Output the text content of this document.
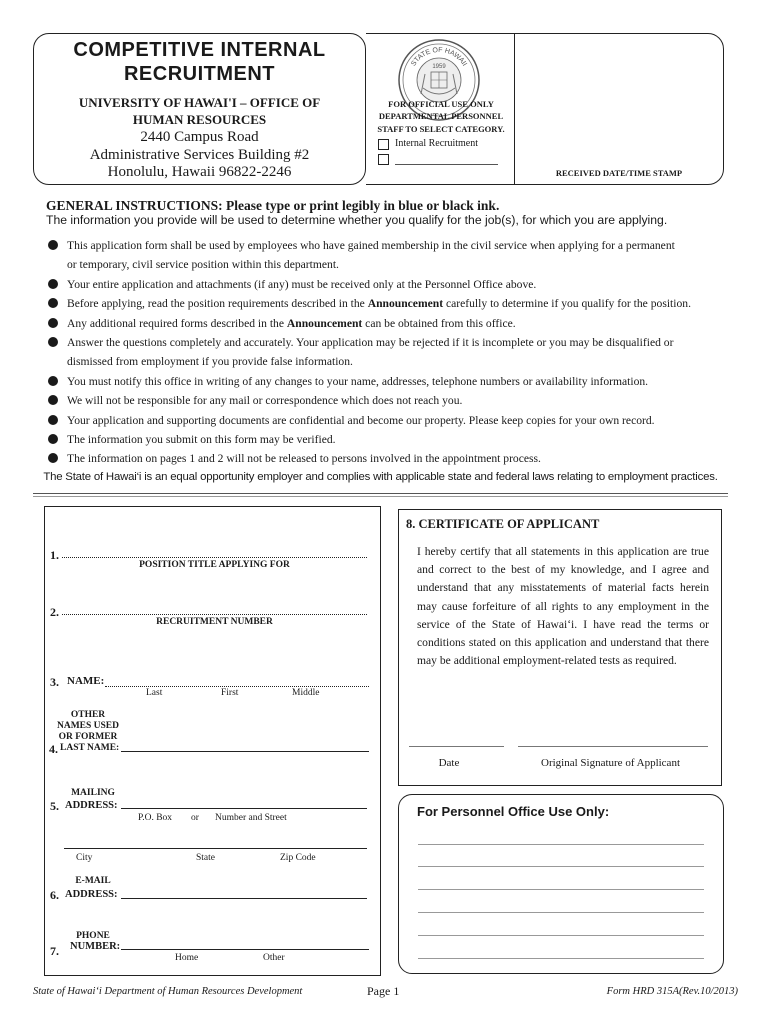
COMPETITIVE INTERNAL
RECRUITMENT
UNIVERSITY OF HAWAI'I – OFFICE OF
HUMAN RESOURCES
2440 Campus Road
Administrative Services Building #2
Honolulu, Hawaii 96822-2246
STATE OF HAWAII
1959
FOR OFFICIAL USE ONLY
DEPARTMENTAL PERSONNEL
STAFF TO SELECT CATEGORY.
Internal Recruitment
RECEIVED DATE/TIME STAMP
GENERAL INSTRUCTIONS: Please type or print legibly in blue or black ink.
The information you provide will be used to determine whether you qualify for the job(s), for which you are applying.
This application form shall be used by employees who have gained membership in the civil service when applying for a permanent
or temporary, civil service position within this department.
Your entire application and attachments (if any) must be received only at the Personnel Office above.
Before applying, read the position requirements described in the Announcement carefully to determine if you qualify for the position.
Any additional required forms described in the Announcement can be obtained from this office.
Answer the questions completely and accurately. Your application may be rejected if it is incomplete or you may be disqualified or
dismissed from employment if you provide false information.
You must notify this office in writing of any changes to your name, addresses, telephone numbers or availability information.
We will not be responsible for any mail or correspondence which does not reach you.
Your application and supporting documents are confidential and become our property. Please keep copies for your own record.
The information you submit on this form may be verified.
The information on pages 1 and 2 will not be released to persons involved in the appointment process.
The State of Hawai‘i is an equal opportunity employer and complies with applicable state and federal laws relating to employment practices.
1.
POSITION TITLE APPLYING FOR
2.
RECRUITMENT NUMBER
3. NAME:
Last	First	Middle
OTHER
NAMES USED
OR FORMER
4. LAST NAME:
MAILING
5. ADDRESS:
P.O. Box or Number and Street
City	State	Zip Code
E-MAIL
6. ADDRESS:
PHONE
7. NUMBER:
Home	Other
8. CERTIFICATE OF APPLICANT
I hereby certify that all statements in this application are true and correct to the best of my knowledge, and I agree and understand that any misstatements of material facts herein may cause forfeiture of all rights to any employment in the service of the State of Hawai‘i. I have read the terms or conditions stated on this application and understand that there may be additional employment-related tests as required.
Date	Original Signature of Applicant
For Personnel Office Use Only:
State of Hawai‘i Department of Human Resources Development	Page 1	Form HRD 315A(Rev.10/2013)
